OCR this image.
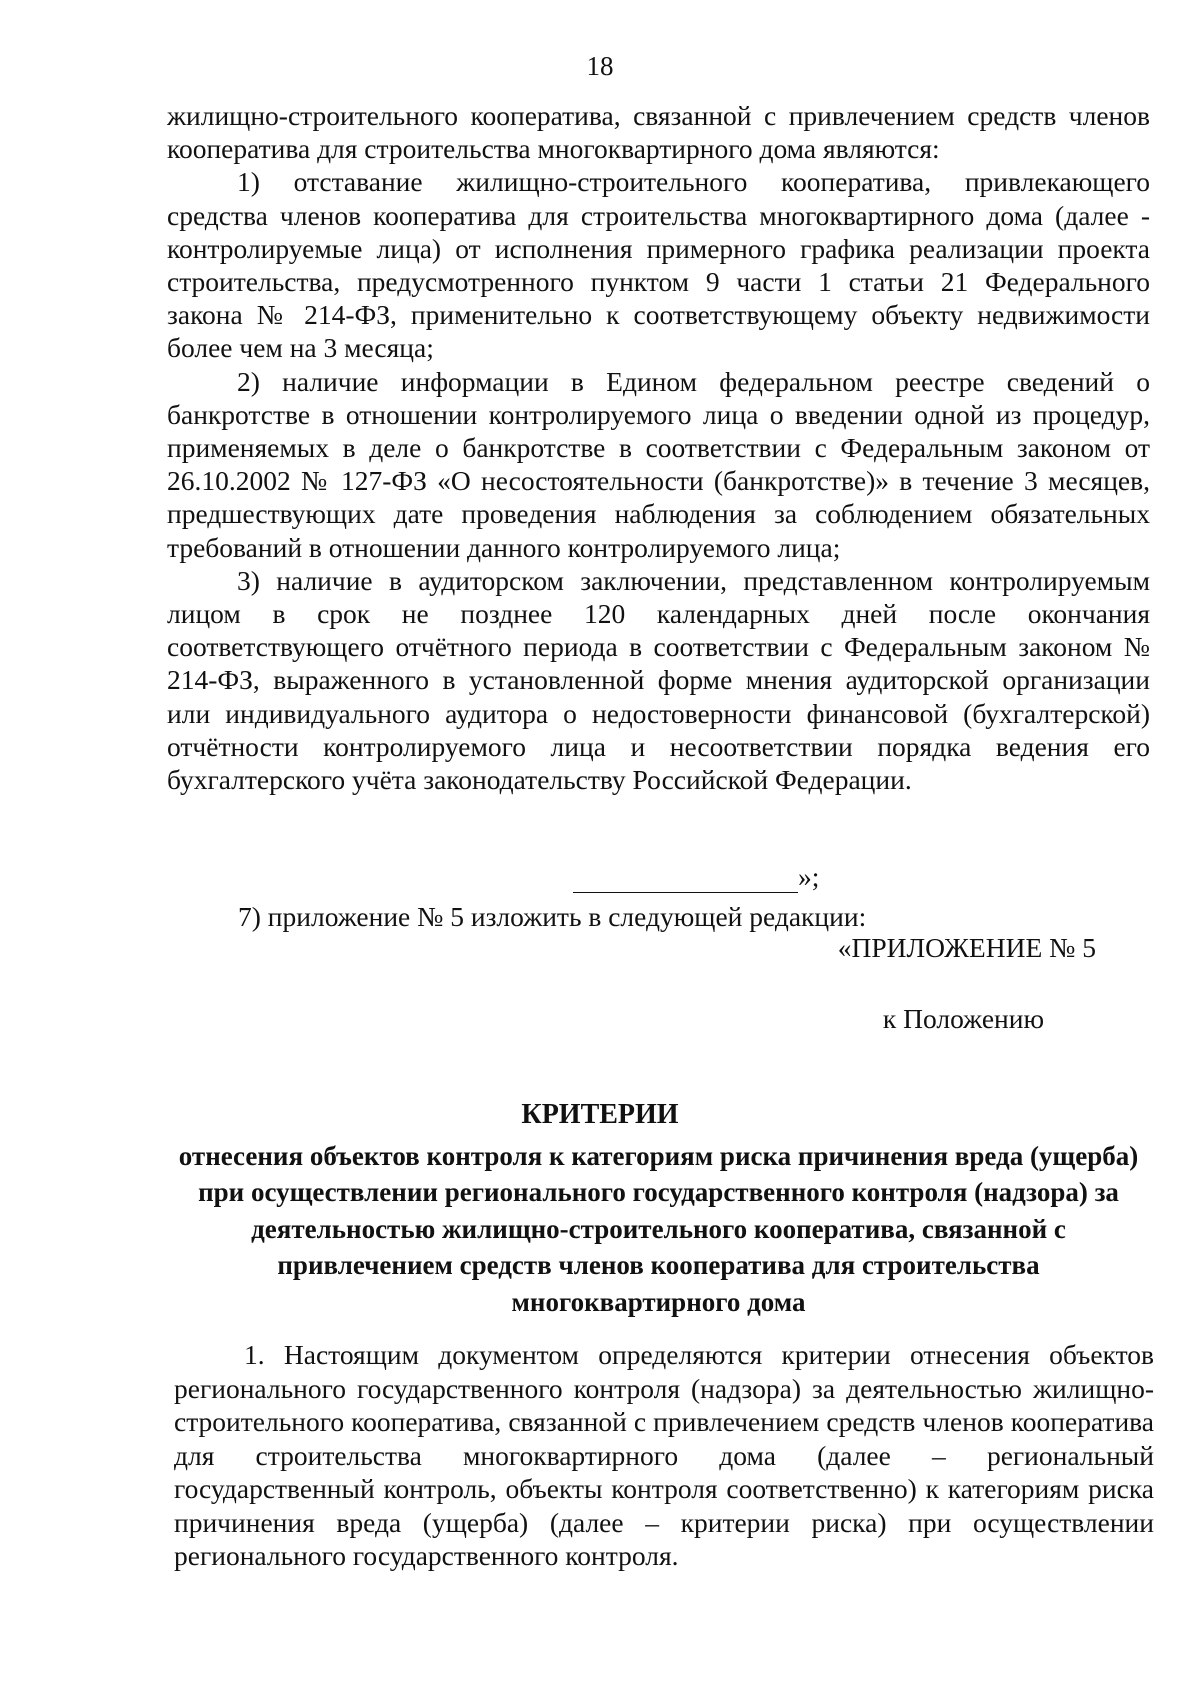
18

жилищно-строительного кооператива, связанной с привлечением средств членов кооператива для строительства многоквартирного дома являются:

1) отставание жилищно-строительного кооператива, привлекающего средства членов кооператива для строительства многоквартирного дома (далее - контролируемые лица) от исполнения примерного графика реализации проекта строительства, предусмотренного пунктом 9 части 1 статьи 21 Федерального закона № 214-ФЗ, применительно к соответствующему объекту недвижимости более чем на 3 месяца;

2) наличие информации в Едином федеральном реестре сведений о банкротстве в отношении контролируемого лица о введении одной из процедур, применяемых в деле о банкротстве в соответствии с Федеральным законом от 26.10.2002 № 127-ФЗ «О несостоятельности (банкротстве)» в течение 3 месяцев, предшествующих дате проведения наблюдения за соблюдением обязательных требований в отношении данного контролируемого лица;

3) наличие в аудиторском заключении, представленном контролируемым лицом в срок не позднее 120 календарных дней после окончания соответствующего отчётного периода в соответствии с Федеральным законом № 214-ФЗ, выраженного в установленной форме мнения аудиторской организации или индивидуального аудитора о недостоверности финансовой (бухгалтерской) отчётности контролируемого лица и несоответствии порядка ведения его бухгалтерского учёта законодательству Российской Федерации.

»;
7) приложение № 5 изложить в следующей редакции:
«ПРИЛОЖЕНИЕ № 5
к Положению
КРИТЕРИИ
отнесения объектов контроля к категориям риска причинения вреда (ущерба) при осуществлении регионального государственного контроля (надзора) за деятельностью жилищно-строительного кооператива, связанной с привлечением средств членов кооператива для строительства многоквартирного дома

1. Настоящим документом определяются критерии отнесения объектов регионального государственного контроля (надзора) за деятельностью жилищно-строительного кооператива, связанной с привлечением средств членов кооператива для строительства многоквартирного дома (далее – региональный государственный контроль, объекты контроля соответственно) к категориям риска причинения вреда (ущерба) (далее – критерии риска) при осуществлении регионального государственного контроля.
